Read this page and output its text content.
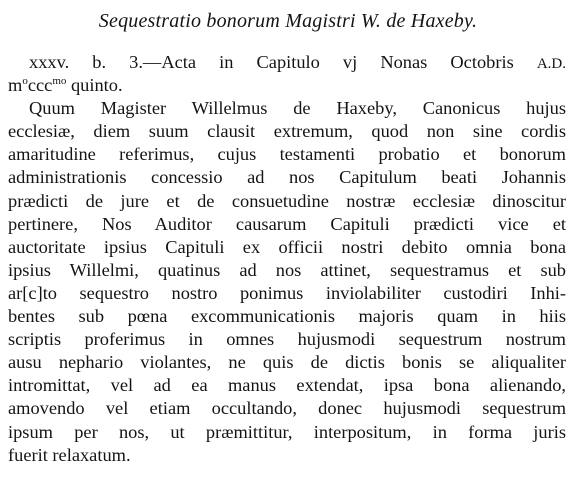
Sequestratio bonorum Magistri W. de Haxeby.
xxxv. b. 3.—Acta in Capitulo vj Nonas Octobris A.D.
$m^occc^{mo}$ quinto.
Quum Magister Willelmus de Haxeby, Canonicus hujus
ecclesiæ, diem suum clausit extremum, quod non sine cordis
amaritudine referimus, cujus testamenti probatio et bonorum
administrationis concessio ad nos Capitulum beati Johannis
prædicti de jure et de consuetudine nostræ ecclesiæ dinoscitur
pertinere, Nos Auditor causarum Capituli prædicti vice et
auctoritate ipsius Capituli ex officii nostri debito omnia bona
ipsius Willelmi, quatinus ad nos attinet, sequestramus et sub
ar[c]to sequestro nostro ponimus inviolabiliter custodiri Inhi-
bentes sub pœna excommunicationis majoris quam in hiis
scriptis proferimus in omnes hujusmodi sequestrum nostrum
ausu nephario violantes, ne quis de dictis bonis se aliqualiter
intromittat, vel ad ea manus extendat, ipsa bona alienando,
amovendo vel etiam occultando, donec hujusmodi sequestrum
ipsum per nos, ut præmittitur, interpositum, in forma juris
fuerit relaxatum.
